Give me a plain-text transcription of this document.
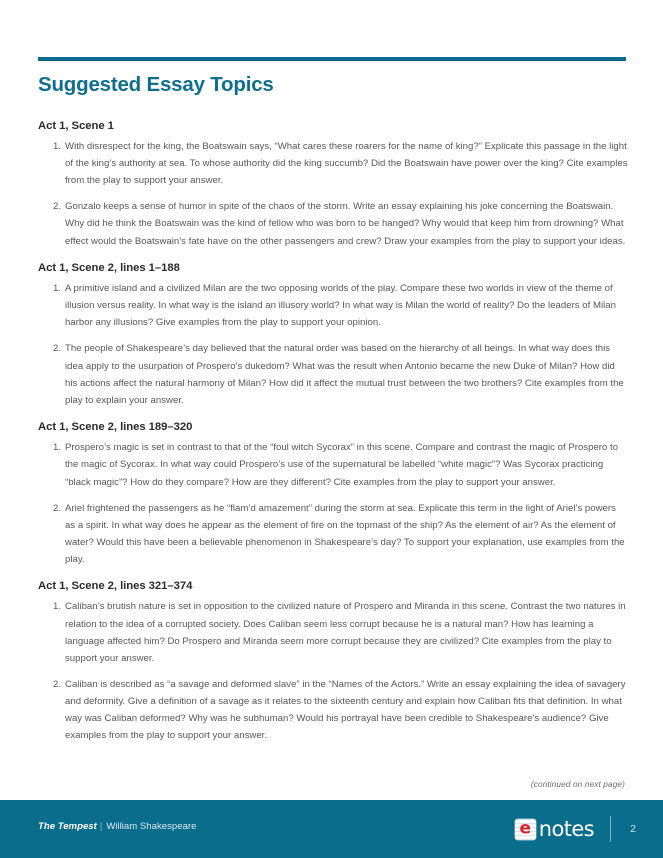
Suggested Essay Topics
Act 1, Scene 1
1. With disrespect for the king, the Boatswain says, “What cares these roarers for the name of king?” Explicate this passage in the light of the king’s authority at sea. To whose authority did the king succumb? Did the Boatswain have power over the king? Cite examples from the play to support your answer.
2. Gonzalo keeps a sense of humor in spite of the chaos of the storm. Write an essay explaining his joke concerning the Boatswain. Why did he think the Boatswain was the kind of fellow who was born to be hanged? Why would that keep him from drowning? What effect would the Boatswain’s fate have on the other passengers and crew? Draw your examples from the play to support your ideas.
Act 1, Scene 2, lines 1–188
1. A primitive island and a civilized Milan are the two opposing worlds of the play. Compare these two worlds in view of the theme of illusion versus reality. In what way is the island an illusory world? In what way is Milan the world of reality? Do the leaders of Milan harbor any illusions? Give examples from the play to support your opinion.
2. The people of Shakespeare’s day believed that the natural order was based on the hierarchy of all beings. In what way does this idea apply to the usurpation of Prospero’s dukedom? What was the result when Antonio became the new Duke of Milan? How did his actions affect the natural harmony of Milan? How did it affect the mutual trust between the two brothers? Cite examples from the play to explain your answer.
Act 1, Scene 2, lines 189–320
1. Prospero’s magic is set in contrast to that of the “foul witch Sycorax” in this scene. Compare and contrast the magic of Prospero to the magic of Sycorax. In what way could Prospero’s use of the supernatural be labelled “white magic”? Was Sycorax practicing “black magic”? How do they compare? How are they different? Cite examples from the play to support your answer.
2. Ariel frightened the passengers as he “flam’d amazement” during the storm at sea. Explicate this term in the light of Ariel’s powers as a spirit. In what way does he appear as the element of fire on the topmast of the ship? As the element of air? As the element of water? Would this have been a believable phenomenon in Shakespeare’s day? To support your explanation, use examples from the play.
Act 1, Scene 2, lines 321–374
1. Caliban’s brutish nature is set in opposition to the civilized nature of Prospero and Miranda in this scene. Contrast the two natures in relation to the idea of a corrupted society. Does Caliban seem less corrupt because he is a natural man? How has learning a language affected him? Do Prospero and Miranda seem more corrupt because they are civilized? Cite examples from the play to support your answer.
2. Caliban is described as “a savage and deformed slave” in the “Names of the Actors.” Write an essay explaining the idea of savagery and deformity. Give a definition of a savage as it relates to the sixteenth century and explain how Caliban fits that definition. In what way was Caliban deformed? Why was he subhuman? Would his portrayal have been credible to Shakespeare’s audience? Give examples from the play to support your answer.
(continued on next page)
The Tempest | William Shakespeare	e notes	2
